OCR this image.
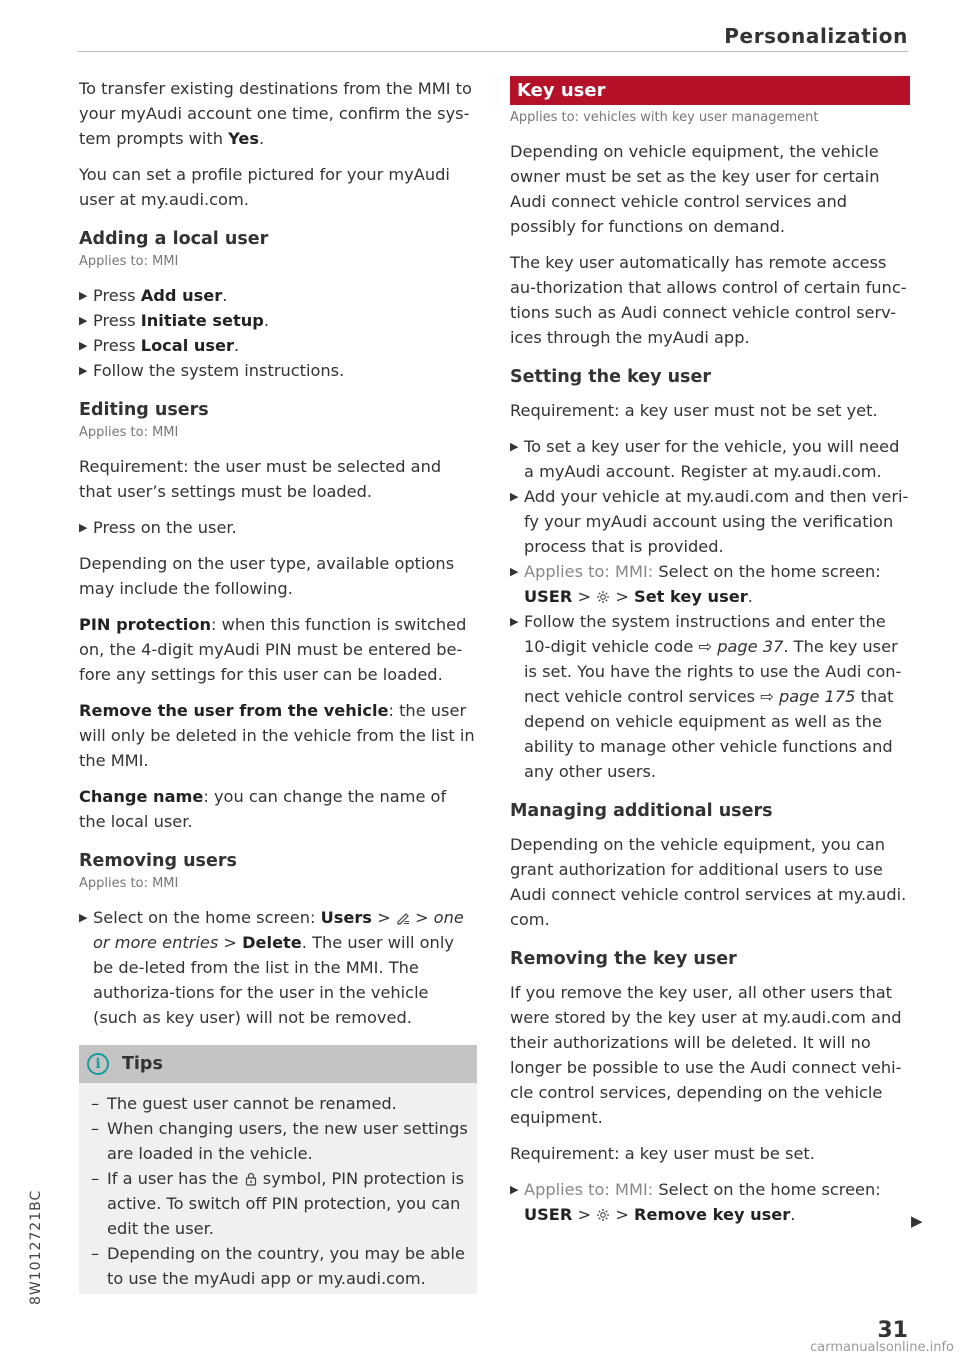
Personalization

To transfer existing destinations from the MMI to your myAudi account one time, confirm the sys-tem prompts with Yes.

You can set a profile pictured for your myAudi user at my.audi.com.

Adding a local user
Applies to: MMI
▶ Press Add user.
▶ Press Initiate setup.
▶ Press Local user.
▶ Follow the system instructions.
Editing users
Applies to: MMI

Requirement: the user must be selected and that user’s settings must be loaded.

▶ Press on the user.

Depending on the user type, available options may include the following.

PIN protection: when this function is switched on, the 4-digit myAudi PIN must be entered be-fore any settings for this user can be loaded.

Remove the user from the vehicle: the user will only be deleted in the vehicle from the list in the MMI.

Change name: you can change the name of the local user.

Removing users
Applies to: MMI
▶ Select on the home screen: Users >  > one or more entries > Delete. The user will only be de-leted from the list in the MMI. The authoriza-tions for the user in the vehicle (such as key user) will not be removed.
i	Tips
– The guest user cannot be renamed.
– When changing users, the new user settings are loaded in the vehicle.
– If a user has the  symbol, PIN protection is active. To switch off PIN protection, you can edit the user.
– Depending on the country, you may be able to use the myAudi app or my.audi.com.
Key user
Applies to: vehicles with key user management

Depending on vehicle equipment, the vehicle owner must be set as the key user for certain Audi connect vehicle control services and possibly for functions on demand.

The key user automatically has remote access au-thorization that allows control of certain func-tions such as Audi connect vehicle control serv-ices through the myAudi app.

Setting the key user

Requirement: a key user must not be set yet.

▶ To set a key user for the vehicle, you will need a myAudi account. Register at my.audi.com.
▶ Add your vehicle at my.audi.com and then veri-fy your myAudi account using the verification process that is provided.
▶ Applies to: MMI: Select on the home screen:
USER >  > Set key user.
▶ Follow the system instructions and enter the 10-digit vehicle code ⇨ page 37. The key user is set. You have the rights to use the Audi con-nect vehicle control services ⇨ page 175 that depend on vehicle equipment as well as the ability to manage other vehicle functions and any other users.
Managing additional users

Depending on the vehicle equipment, you can grant authorization for additional users to use Audi connect vehicle control services at my.audi. com.

Removing the key user

If you remove the key user, all other users that were stored by the key user at my.audi.com and their authorizations will be deleted. It will no longer be possible to use the Audi connect vehi-cle control services, depending on the vehicle equipment.

Requirement: a key user must be set.

▶ Applies to: MMI: Select on the home screen:
USER >  > Remove key user.	▶
8W1012721BC
31
carmanualsonline.info
